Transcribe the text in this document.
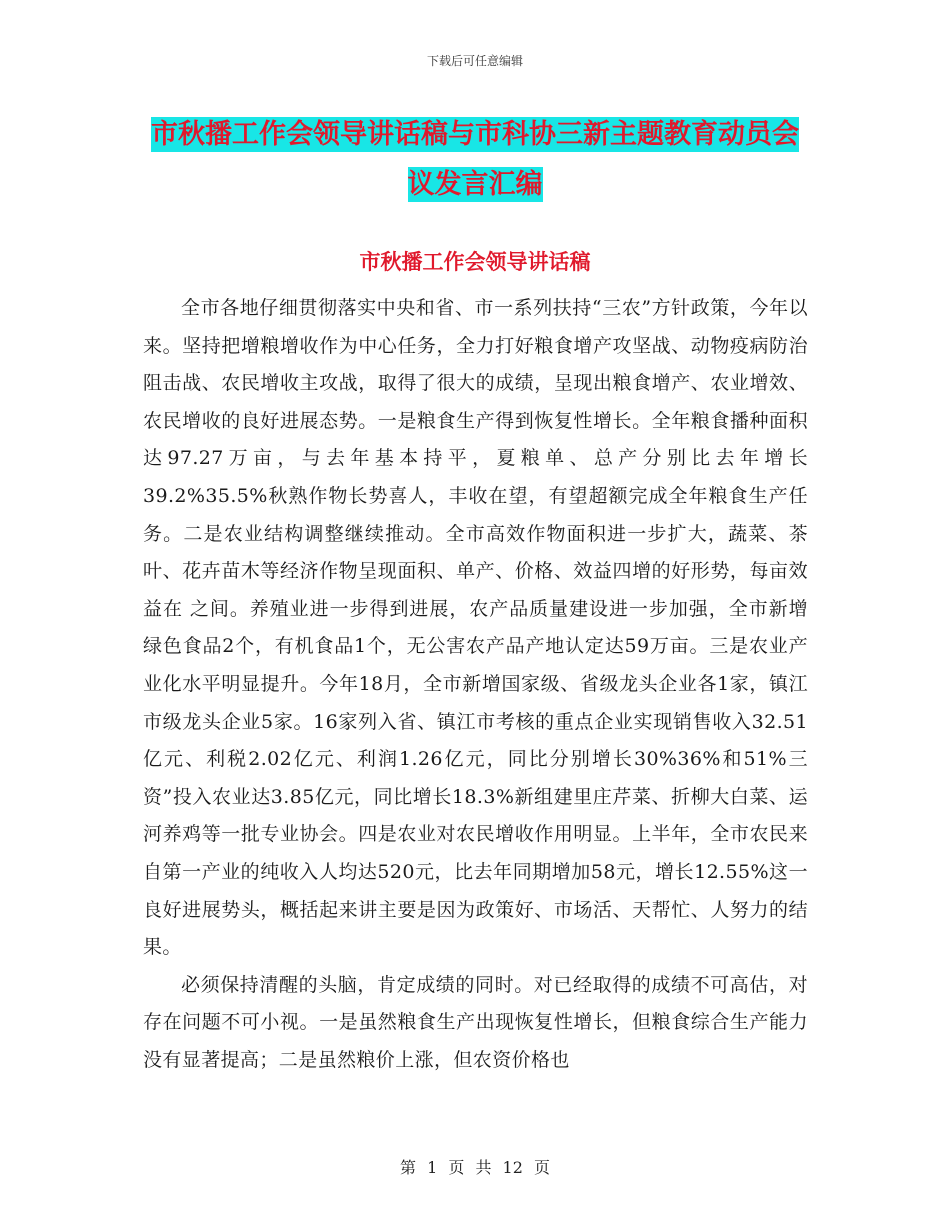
下载后可任意编辑
市秋播工作会领导讲话稿与市科协三新主题教育动员会议发言汇编
市秋播工作会领导讲话稿

全市各地仔细贯彻落实中央和省、市一系列扶持“三农”方针政策，今年以来。坚持把增粮增收作为中心任务，全力打好粮食增产攻坚战、动物疫病防治阻击战、农民增收主攻战，取得了很大的成绩，呈现出粮食增产、农业增效、农民增收的良好进展态势。一是粮食生产得到恢复性增长。全年粮食播种面积达97.27万亩，与去年基本持平，夏粮单、总产分别比去年增长39.2%35.5%秋熟作物长势喜人，丰收在望，有望超额完成全年粮食生产任务。二是农业结构调整继续推动。全市高效作物面积进一步扩大，蔬菜、茶叶、花卉苗木等经济作物呈现面积、单产、价格、效益四增的好形势，每亩效益在 之间。养殖业进一步得到进展，农产品质量建设进一步加强，全市新增绿色食品2个，有机食品1个，无公害农产品产地认定达59万亩。三是农业产业化水平明显提升。今年18月，全市新增国家级、省级龙头企业各1家，镇江市级龙头企业5家。16家列入省、镇江市考核的重点企业实现销售收入32.51亿元、利税2.02亿元、利润1.26亿元，同比分别增长30%36%和51%三资”投入农业达3.85亿元，同比增长18.3%新组建里庄芹菜、折柳大白菜、运河养鸡等一批专业协会。四是农业对农民增收作用明显。上半年，全市农民来自第一产业的纯收入人均达520元，比去年同期增加58元，增长12.55%这一良好进展势头，概括起来讲主要是因为政策好、市场活、天帮忙、人努力的结果。

必须保持清醒的头脑，肯定成绩的同时。对已经取得的成绩不可高估，对存在问题不可小视。一是虽然粮食生产出现恢复性增长，但粮食综合生产能力没有显著提高；二是虽然粮价上涨，但农资价格也

第 1 页 共 12 页
